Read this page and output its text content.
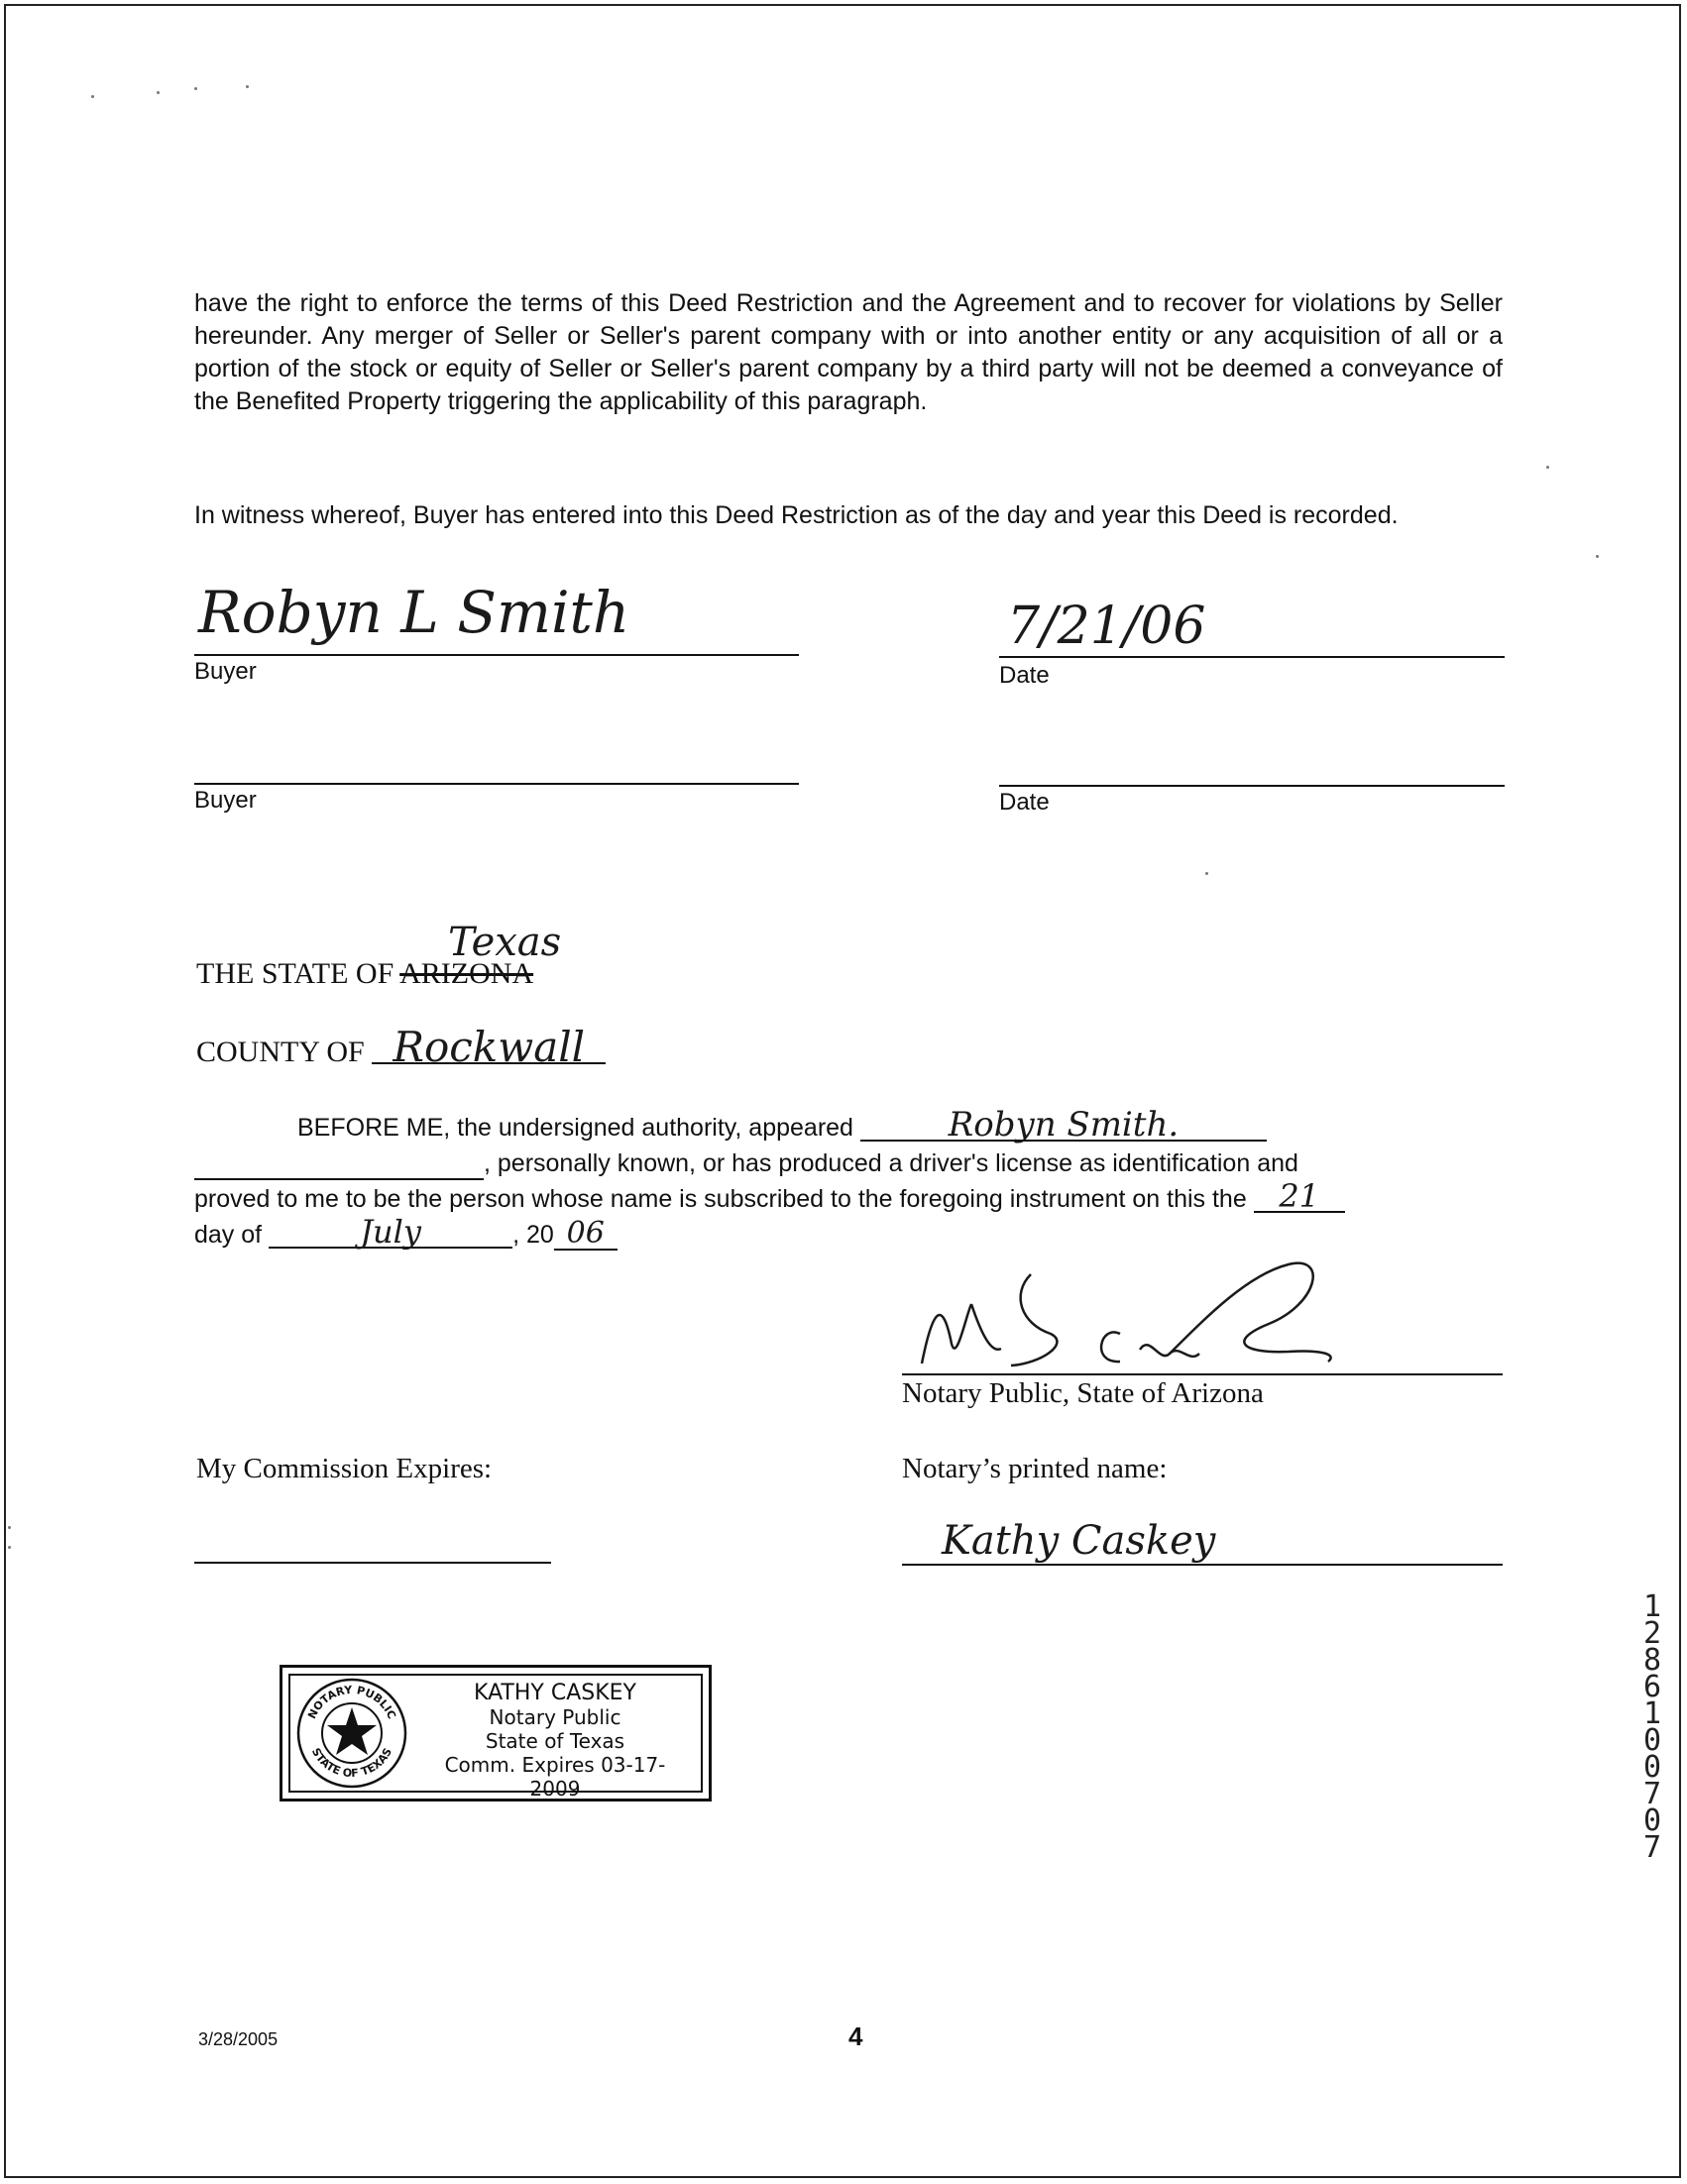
have the right to enforce the terms of this Deed Restriction and the Agreement and to recover for violations by Seller hereunder. Any merger of Seller or Seller's parent company with or into another entity or any acquisition of all or a portion of the stock or equity of Seller or Seller's parent company by a third party will not be deemed a conveyance of the Benefited Property triggering the applicability of this paragraph.
In witness whereof, Buyer has entered into this Deed Restriction as of the day and year this Deed is recorded.
Robyn L Smith
Buyer
7/21/06
Date
Buyer	Date
Texas
THE STATE OF ARIZONA
COUNTY OF Rockwall
BEFORE ME, the undersigned authority, appeared	Robyn Smith.
, personally known, or has produced a driver's license as identification and
proved to me to be the person whose name is subscribed to the foregoing instrument on this the 21
day of	July	, 20 06
Notary Public, State of Arizona
My Commission Expires:	Notary’s printed name:
Kathy Caskey
NOTARY PUBLIC
STATE OF TEXAS
KATHY CASKEY
Notary Public
State of Texas
Comm. Expires 03-17-2009
12861 00707
3/28/2005	4
